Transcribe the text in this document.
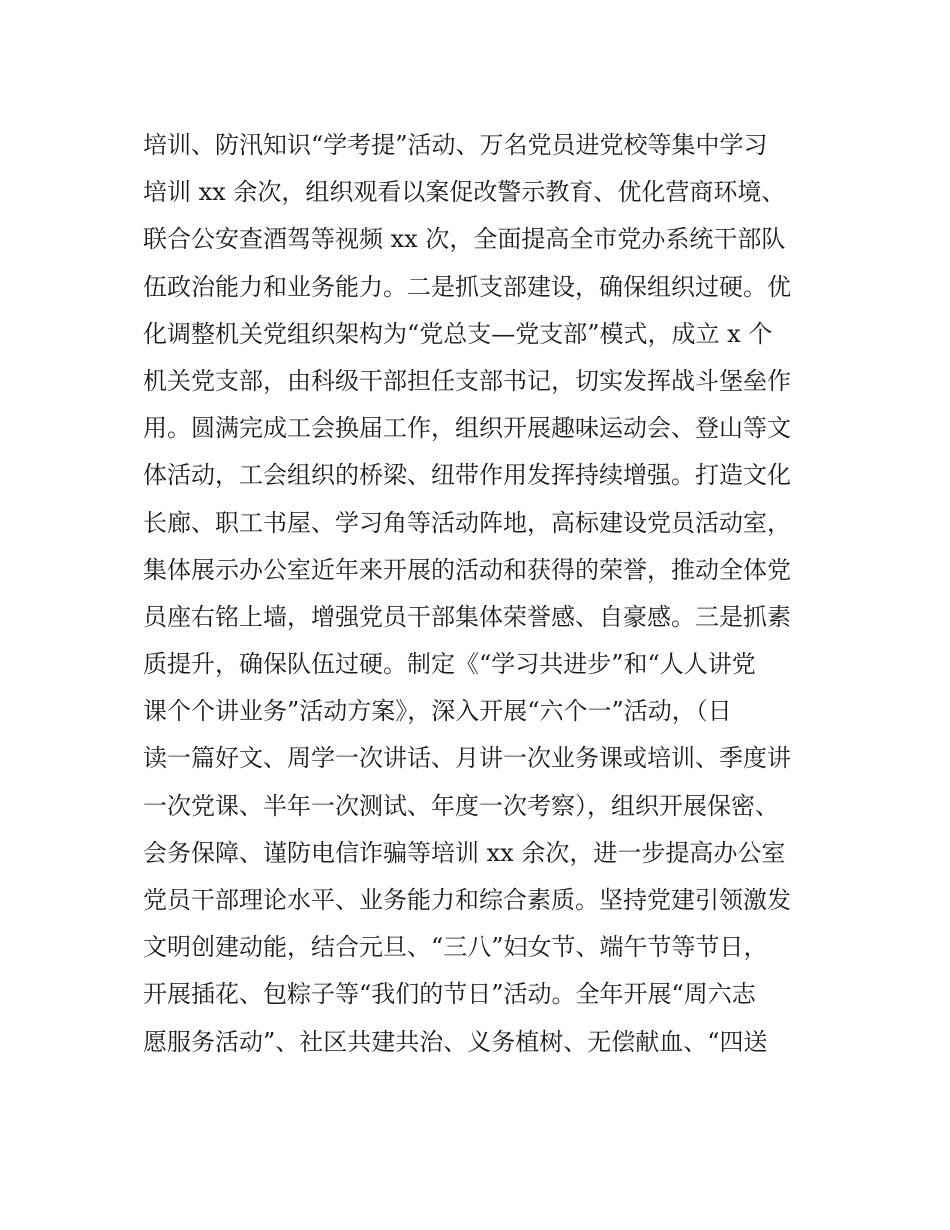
培训、防汛知识“学考提”活动、万名党员进党校等集中学习
培训 xx 余次，组织观看以案促改警示教育、优化营商环境、
联合公安查酒驾等视频 xx 次，全面提高全市党办系统干部队
伍政治能力和业务能力。二是抓支部建设，确保组织过硬。优
化调整机关党组织架构为“党总支—党支部”模式，成立 x 个
机关党支部，由科级干部担任支部书记，切实发挥战斗堡垒作
用。圆满完成工会换届工作，组织开展趣味运动会、登山等文
体活动，工会组织的桥梁、纽带作用发挥持续增强。打造文化
长廊、职工书屋、学习角等活动阵地，高标建设党员活动室，
集体展示办公室近年来开展的活动和获得的荣誉，推动全体党
员座右铭上墙，增强党员干部集体荣誉感、自豪感。三是抓素
质提升，确保队伍过硬。制定《“学习共进步”和“人人讲党
课个个讲业务”活动方案》，深入开展“六个一”活动，（日
读一篇好文、周学一次讲话、月讲一次业务课或培训、季度讲
一次党课、半年一次测试、年度一次考察），组织开展保密、
会务保障、谨防电信诈骗等培训 xx 余次，进一步提高办公室
党员干部理论水平、业务能力和综合素质。坚持党建引领激发
文明创建动能，结合元旦、“三八”妇女节、端午节等节日，
开展插花、包粽子等“我们的节日”活动。全年开展“周六志
愿服务活动”、社区共建共治、义务植树、无偿献血、“四送
